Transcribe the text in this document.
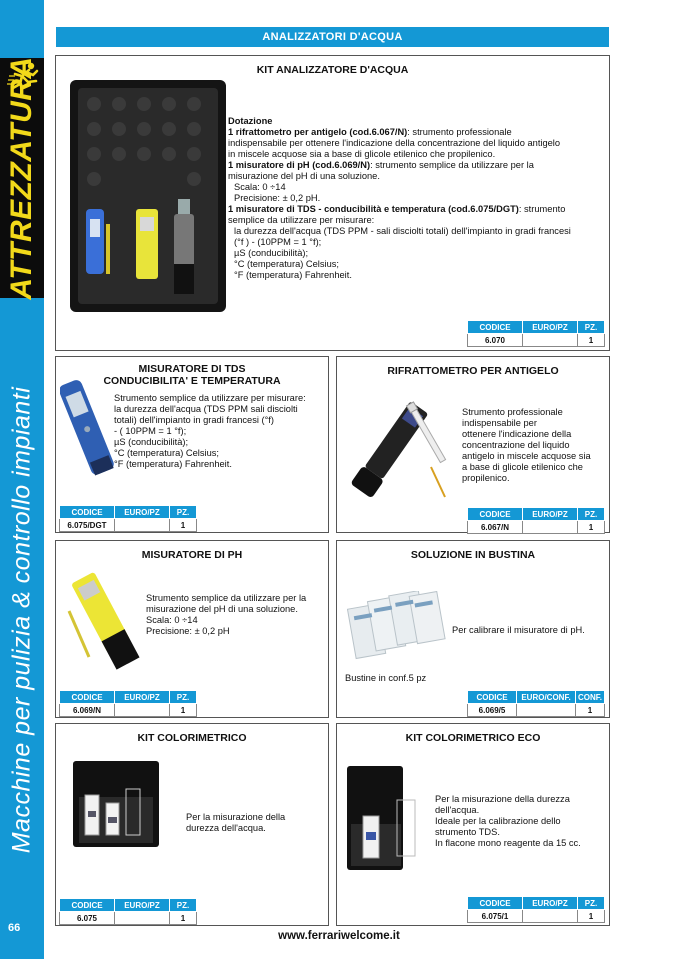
ATTREZZATURA
Macchine per pulizia & controllo impianti
66
ANALIZZATORI D'ACQUA
KIT ANALIZZATORE D'ACQUA
Dotazione
1 rifrattometro per antigelo (cod.6.067/N): strumento professionale
indispensabile per ottenere l'indicazione della concentrazione del liquido antigelo
in miscele acquose sia a base di glicole etilenico che propilenico.
1 misuratore di pH (cod.6.069/N): strumento semplice da utilizzare per la
misurazione del pH di una soluzione.
Scala: 0 ÷14
Precisione: ± 0,2 pH.
1 misuratore di TDS - conducibilità e temperatura (cod.6.075/DGT): strumento
semplice da utilizzare per misurare:
la durezza dell'acqua (TDS PPM - sali disciolti totali) dell'impianto in gradi francesi
(°f ) - (10PPM = 1 °f);
µS (conducibilità);
°C (temperatura) Celsius;
°F (temperatura) Fahrenheit.
CODICE	EURO/PZ	PZ.
6.070		1
MISURATORE DI TDS
CONDUCIBILITA' E TEMPERATURA
Strumento semplice da utilizzare per misurare:
la durezza dell'acqua (TDS PPM sali disciolti
totali) dell'impianto in gradi francesi (°f)
- ( 10PPM = 1 °f);
µS (conducibilità);
°C (temperatura) Celsius;
°F (temperatura) Fahrenheit.
CODICE	EURO/PZ	PZ.
6.075/DGT		1
RIFRATTOMETRO PER ANTIGELO
Strumento professionale
indispensabile per
ottenere l'indicazione della
concentrazione del liquido
antigelo in miscele acquose sia
a base di glicole etilenico che
propilenico.
CODICE	EURO/PZ	PZ.
6.067/N		1
MISURATORE DI PH
Strumento semplice da utilizzare per la
misurazione del pH di una soluzione.
Scala: 0 ÷14
Precisione: ± 0,2 pH
CODICE	EURO/PZ	PZ.
6.069/N		1
SOLUZIONE IN BUSTINA
Per calibrare il misuratore di pH.
Bustine in conf.5 pz
CODICE	EURO/CONF.	CONF.
6.069/5		1
KIT COLORIMETRICO
Per la misurazione della
durezza dell'acqua.
CODICE	EURO/PZ	PZ.
6.075		1
KIT COLORIMETRICO ECO
Per la misurazione della durezza
dell'acqua.
Ideale per la calibrazione dello
strumento TDS.
In flacone mono reagente da 15 cc.
CODICE	EURO/PZ	PZ.
6.075/1		1
www.ferrariwelcome.it
